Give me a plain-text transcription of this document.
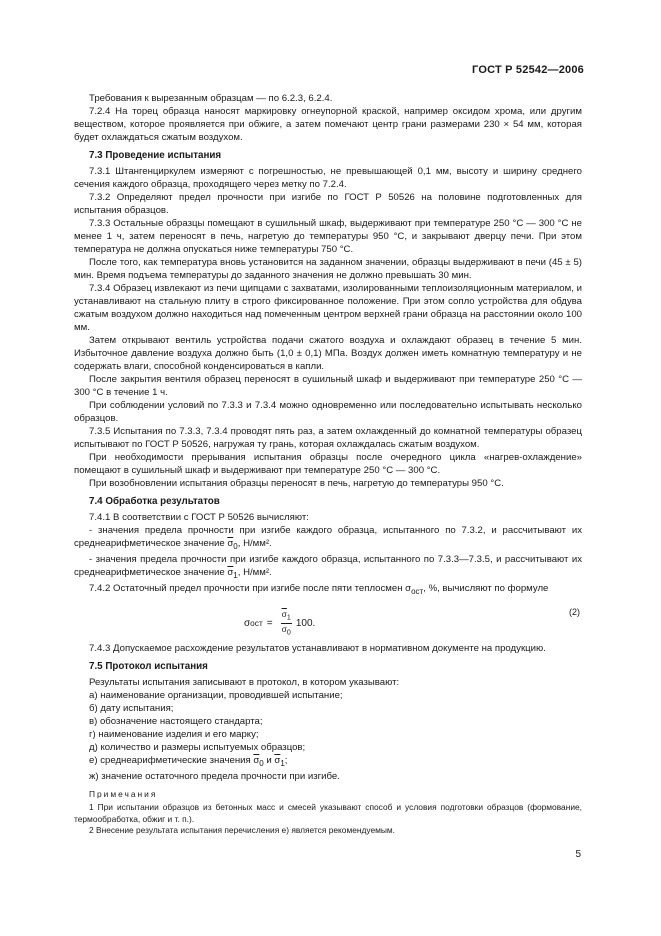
ГОСТ Р 52542—2006

Требования к вырезанным образцам — по 6.2.3, 6.2.4.

7.2.4 На торец образца наносят маркировку огнеупорной краской, например оксидом хрома, или другим веществом, которое проявляется при обжиге, а затем помечают центр грани размерами 230 × 54 мм, которая будет охлаждаться сжатым воздухом.

7.3 Проведение испытания

7.3.1 Штангенциркулем измеряют с погрешностью, не превышающей 0,1 мм, высоту и ширину среднего сечения каждого образца, проходящего через метку по 7.2.4.

7.3.2 Определяют предел прочности при изгибе по ГОСТ Р 50526 на половине подготовленных для испытания образцов.

7.3.3 Остальные образцы помещают в сушильный шкаф, выдерживают при температуре 250 °С — 300 °С не менее 1 ч, затем переносят в печь, нагретую до температуры 950 °С, и закрывают дверцу печи. При этом температура не должна опускаться ниже температуры 750 °С.

После того, как температура вновь установится на заданном значении, образцы выдерживают в печи (45 ± 5) мин. Время подъема температуры до заданного значения не должно превышать 30 мин.

7.3.4 Образец извлекают из печи щипцами с захватами, изолированными теплоизоляционным материалом, и устанавливают на стальную плиту в строго фиксированное положение. При этом сопло устройства для обдува сжатым воздухом должно находиться над помеченным центром верхней грани образца на расстоянии около 100 мм.

Затем открывают вентиль устройства подачи сжатого воздуха и охлаждают образец в течение 5 мин. Избыточное давление воздуха должно быть (1,0 ± 0,1) МПа. Воздух должен иметь комнатную температуру и не содержать влаги, способной конденсироваться в капли.

После закрытия вентиля образец переносят в сушильный шкаф и выдерживают при температуре 250 °С — 300 °С в течение 1 ч.

При соблюдении условий по 7.3.3 и 7.3.4 можно одновременно или последовательно испытывать несколько образцов.

7.3.5 Испытания по 7.3.3, 7.3.4 проводят пять раз, а затем охлажденный до комнатной температуры образец испытывают по ГОСТ Р 50526, нагружая ту грань, которая охлаждалась сжатым воздухом.

При необходимости прерывания испытания образцы после очередного цикла «нагрев-охлаждение» помещают в сушильный шкаф и выдерживают при температуре 250 °С — 300 °С.

При возобновлении испытания образцы переносят в печь, нагретую до температуры 950 °С.

7.4 Обработка результатов

7.4.1 В соответствии с ГОСТ Р 50526 вычисляют:

- значения предела прочности при изгибе каждого образца, испытанного по 7.3.2, и рассчитывают их среднеарифметическое значение $\overline{\sigma}_0$, Н/мм².

- значения предела прочности при изгибе каждого образца, испытанного по 7.3.3—7.3.5, и рассчитывают их среднеарифметическое значение $\overline{\sigma}_1$, Н/мм².

7.4.2 Остаточный предел прочности при изгибе после пяти теплосмен $\sigma_{ост}$, %, вычисляют по формуле

σ ост = $\frac{\overline{\sigma}_1}{\overline{\sigma}_0} 100$.
(2)

7.4.3 Допускаемое расхождение результатов устанавливают в нормативном документе на продукцию.

7.5 Протокол испытания

Результаты испытания записывают в протокол, в котором указывают:

а) наименование организации, проводившей испытание;
б) дату испытания;
в) обозначение настоящего стандарта;
г) наименование изделия и его марку;
д) количество и размеры испытуемых образцов;
е) среднеарифметические значения $\overline{\sigma}_0$ и $\overline{\sigma}_1$;
ж) значение остаточного предела прочности при изгибе.
Примечания

1 При испытании образцов из бетонных масс и смесей указывают способ и условия подготовки образцов (формование, термообработка, обжиг и т. п.).

2 Внесение результата испытания перечисления е) является рекомендуемым.

5
